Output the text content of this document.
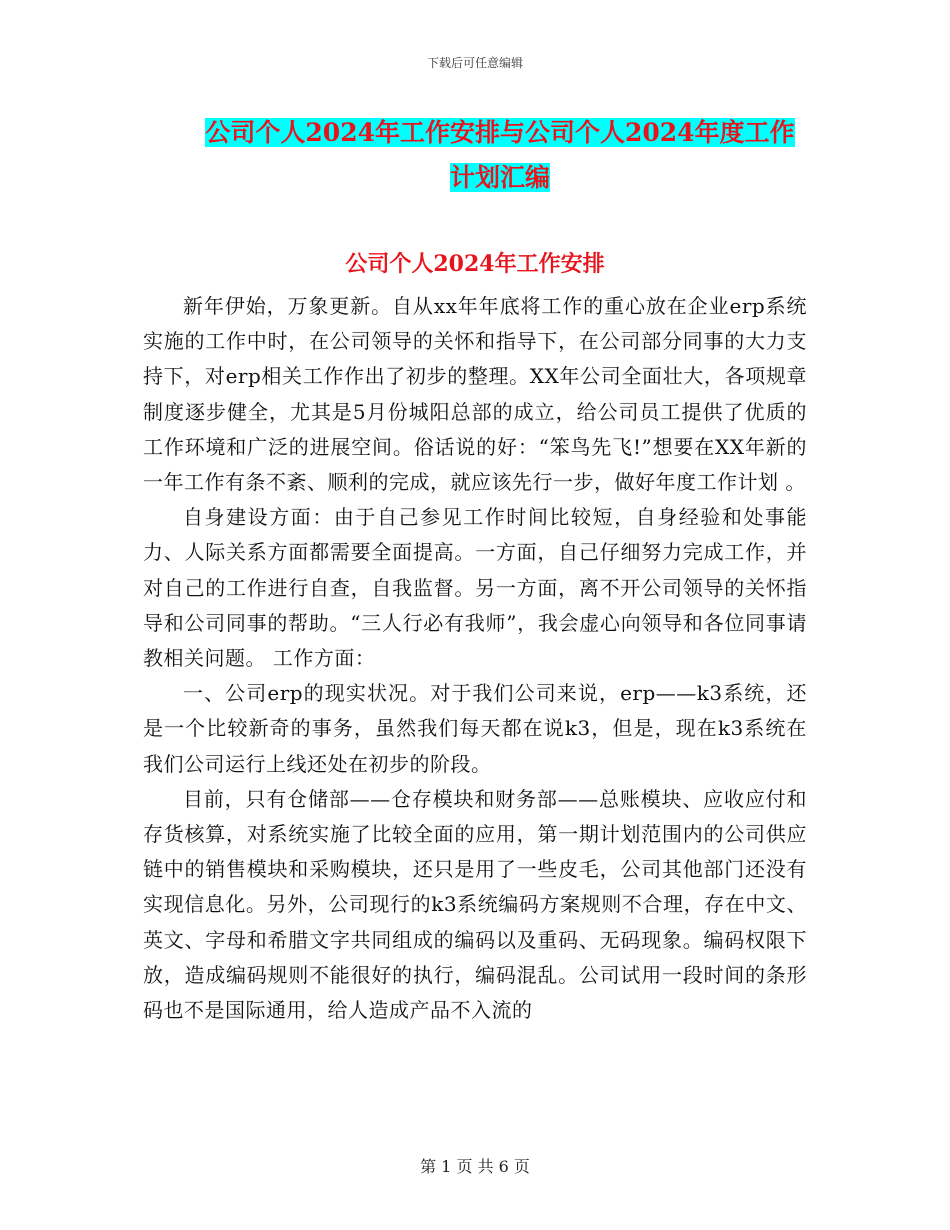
下载后可任意编辑
公司个人2024年工作安排与公司个人2024年度工作
计划汇编
公司个人2024年工作安排

新年伊始，万象更新。自从xx年年底将工作的重心放在企业erp系统实施的工作中时，在公司领导的关怀和指导下，在公司部分同事的大力支持下，对erp相关工作作出了初步的整理。XX年公司全面壮大，各项规章制度逐步健全，尤其是5月份城阳总部的成立，给公司员工提供了优质的工作环境和广泛的进展空间。俗话说的好：“笨鸟先飞!”想要在XX年新的一年工作有条不紊、顺利的完成，就应该先行一步，做好年度工作计划 。

自身建设方面：由于自己参见工作时间比较短，自身经验和处事能力、人际关系方面都需要全面提高。一方面，自己仔细努力完成工作，并对自己的工作进行自查，自我监督。另一方面，离不开公司领导的关怀指导和公司同事的帮助。“三人行必有我师”，我会虚心向领导和各位同事请教相关问题。 工作方面：

一、公司erp的现实状况。对于我们公司来说，erp——k3系统，还是一个比较新奇的事务，虽然我们每天都在说k3，但是，现在k3系统在我们公司运行上线还处在初步的阶段。

目前，只有仓储部——仓存模块和财务部——总账模块、应收应付和存货核算，对系统实施了比较全面的应用，第一期计划范围内的公司供应链中的销售模块和采购模块，还只是用了一些皮毛，公司其他部门还没有实现信息化。另外，公司现行的k3系统编码方案规则不合理，存在中文、英文、字母和希腊文字共同组成的编码以及重码、无码现象。编码权限下放，造成编码规则不能很好的执行，编码混乱。公司试用一段时间的条形码也不是国际通用，给人造成产品不入流的

第 1 页 共 6 页
